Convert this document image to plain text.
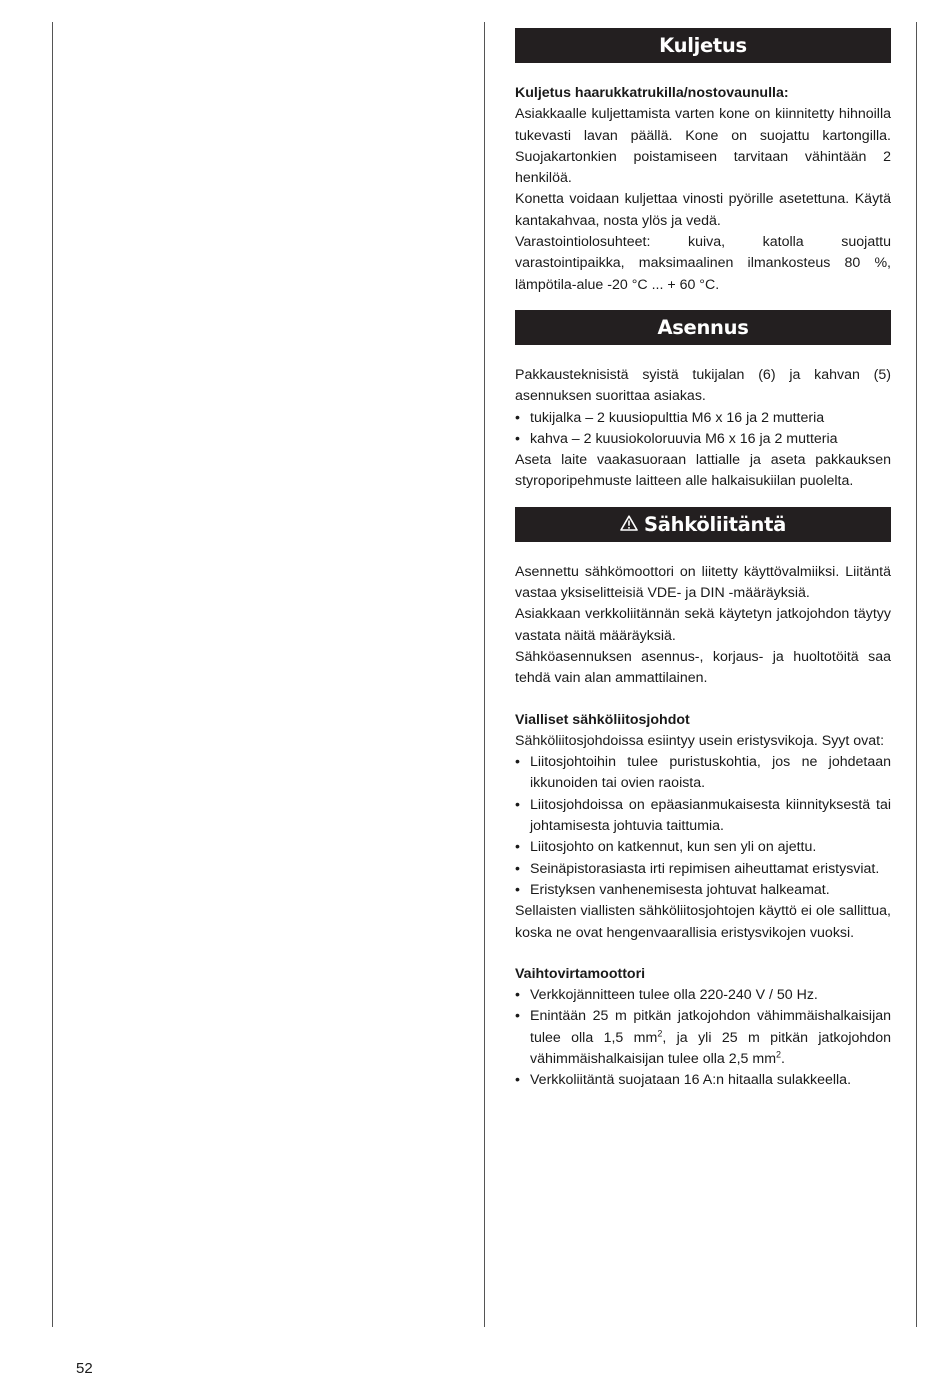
Kuljetus
Kuljetus haarukkatrukilla/nostovaunulla:

Asiakkaalle kuljettamista varten kone on kiinnitetty hihnoilla tukevasti lavan päällä. Kone on suojattu kartongilla. Suojakartonkien poistamiseen tarvitaan vähintään 2 henkilöä.

Konetta voidaan kuljettaa vinosti pyörille asetettuna. Käytä kantakahvaa, nosta ylös ja vedä.

Varastointiolosuhteet: kuiva, katolla suojattu varastointipaikka, maksimaalinen ilmankosteus 80 %, lämpötila-alue -20 °C ... + 60 °C.

Asennus

Pakkausteknisistä syistä tukijalan (6) ja kahvan (5) asennuksen suorittaa asiakas.

• tukijalka – 2 kuusiopulttia M6 x 16 ja 2 mutteria
• kahva – 2 kuusiokoloruuvia M6 x 16 ja 2 mutteria

Aseta laite vaakasuoraan lattialle ja aseta pakkauksen styroporipehmuste laitteen alle halkaisukiilan puolelta.

Sähköliitäntä

Asennettu sähkömoottori on liitetty käyttövalmiiksi. Liitäntä vastaa yksiselitteisiä VDE- ja DIN -määräyksiä.

Asiakkaan verkkoliitännän sekä käytetyn jatkojohdon täytyy vastata näitä määräyksiä.

Sähköasennuksen asennus-, korjaus- ja huoltotöitä saa tehdä vain alan ammattilainen.

Vialliset sähköliitosjohdot

Sähköliitosjohdoissa esiintyy usein eristysvikoja. Syyt ovat:

• Liitosjohtoihin tulee puristuskohtia, jos ne johdetaan ikkunoiden tai ovien raoista.
• Liitosjohdoissa on epäasianmukaisesta kiinnityksestä tai johtamisesta johtuvia taittumia.
• Liitosjohto on katkennut, kun sen yli on ajettu.
• Seinäpistorasiasta irti repimisen aiheuttamat eristysviat.
• Eristyksen vanhenemisesta johtuvat halkeamat.

Sellaisten viallisten sähköliitosjohtojen käyttö ei ole sallittua, koska ne ovat hengenvaarallisia eristysvikojen vuoksi.

Vaihtovirtamoottori
• Verkkojännitteen tulee olla 220-240 V / 50 Hz.
• Enintään 25 m pitkän jatkojohdon vähimmäishalkaisijan tulee olla 1,5 $mm^2$, ja yli 25 m pitkän jatkojohdon vähimmäishalkaisijan tulee olla 2,5 $mm^2$.
• Verkkoliitäntä suojataan 16 A:n hitaalla sulakkeella.
52
